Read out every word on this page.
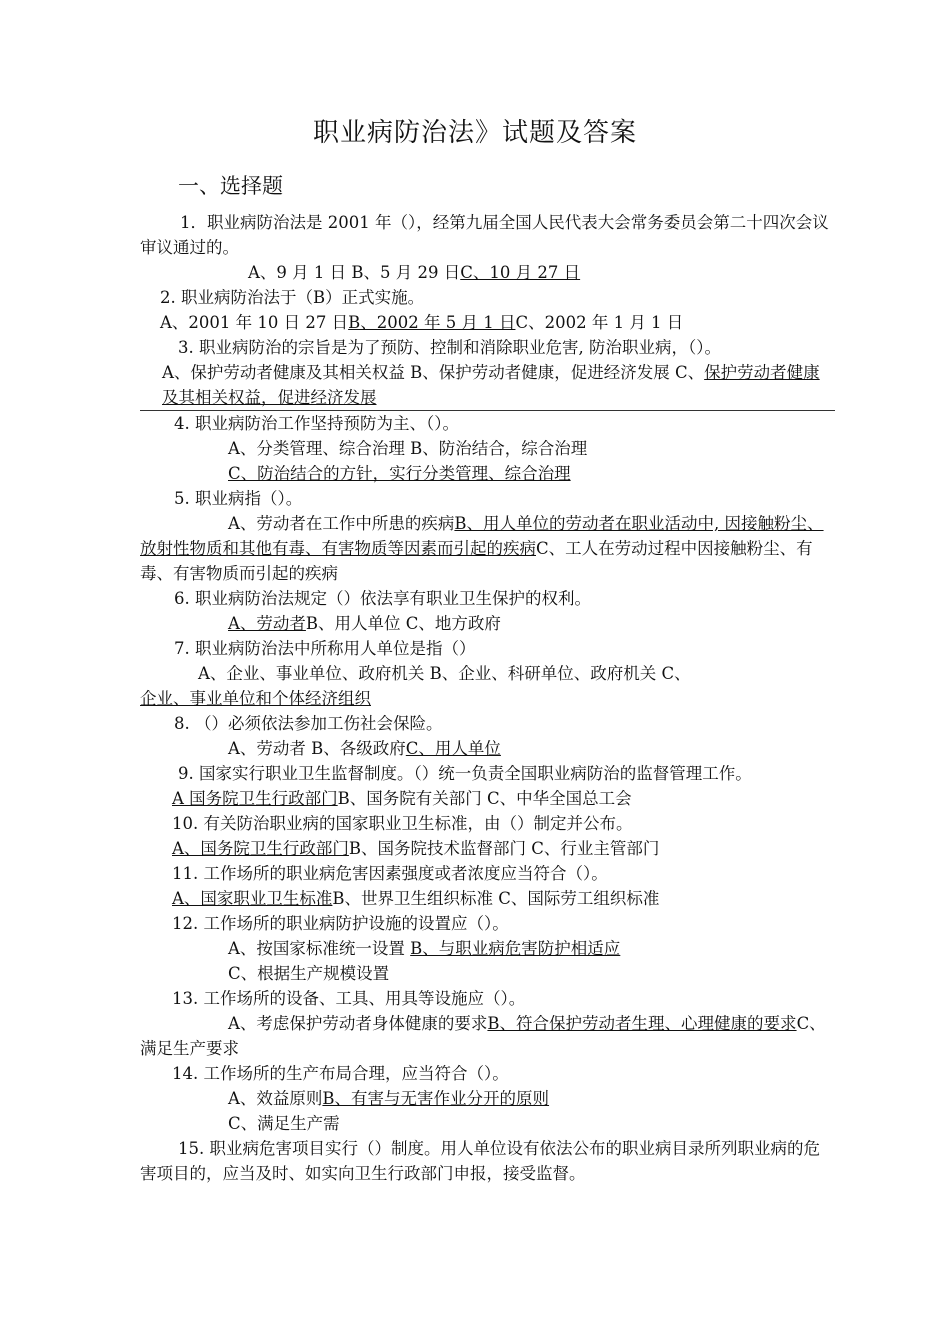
职业病防治法》试题及答案
一、选择题
1．职业病防治法是 2001 年（），经第九届全国人民代表大会常务委员会第二十四次会议审议通过的。
A、9 月 1 日 B、5 月 29 日C、10 月 27 日
2. 职业病防治法于（B）正式实施。
A、2001 年 10 日 27 日B、2002 年 5 月 1 日C、2002 年 1 月 1 日
3. 职业病防治的宗旨是为了预防、控制和消除职业危害, 防治职业病，（）。
A、保护劳动者健康及其相关权益 B、保护劳动者健康，促进经济发展 C、保护劳动者健康及其相关权益，促进经济发展
4. 职业病防治工作坚持预防为主、（）。
A、分类管理、综合治理 B、防治结合，综合治理
C、防治结合的方针，实行分类管理、综合治理
5. 职业病指（）。
A、劳动者在工作中所患的疾病B、用人单位的劳动者在职业活动中, 因接触粉尘、放射性物质和其他有毒、有害物质等因素而引起的疾病C、工人在劳动过程中因接触粉尘、有毒、有害物质而引起的疾病
6. 职业病防治法规定（）依法享有职业卫生保护的权利。
A、劳动者B、用人单位 C、地方政府
7. 职业病防治法中所称用人单位是指（）
A、企业、事业单位、政府机关 B、企业、科研单位、政府机关 C、
企业、事业单位和个体经济组织
8. （）必须依法参加工伤社会保险。
A、劳动者 B、各级政府C、用人单位
9. 国家实行职业卫生监督制度。（）统一负责全国职业病防治的监督管理工作。
A 国务院卫生行政部门B、国务院有关部门 C、中华全国总工会
10. 有关防治职业病的国家职业卫生标准，由（）制定并公布。
A、国务院卫生行政部门B、国务院技术监督部门 C、行业主管部门
11. 工作场所的职业病危害因素强度或者浓度应当符合（）。
A、国家职业卫生标准B、世界卫生组织标准 C、国际劳工组织标准
12. 工作场所的职业病防护设施的设置应（）。
A、按国家标准统一设置 B、与职业病危害防护相适应
C、根据生产规模设置
13. 工作场所的设备、工具、用具等设施应（）。
A、考虑保护劳动者身体健康的要求B、符合保护劳动者生理、心理健康的要求C、满足生产要求
14. 工作场所的生产布局合理，应当符合（）。
A、效益原则B、有害与无害作业分开的原则
C、满足生产需
15. 职业病危害项目实行（）制度。用人单位设有依法公布的职业病目录所列职业病的危害项目的，应当及时、如实向卫生行政部门申报，接受监督。
